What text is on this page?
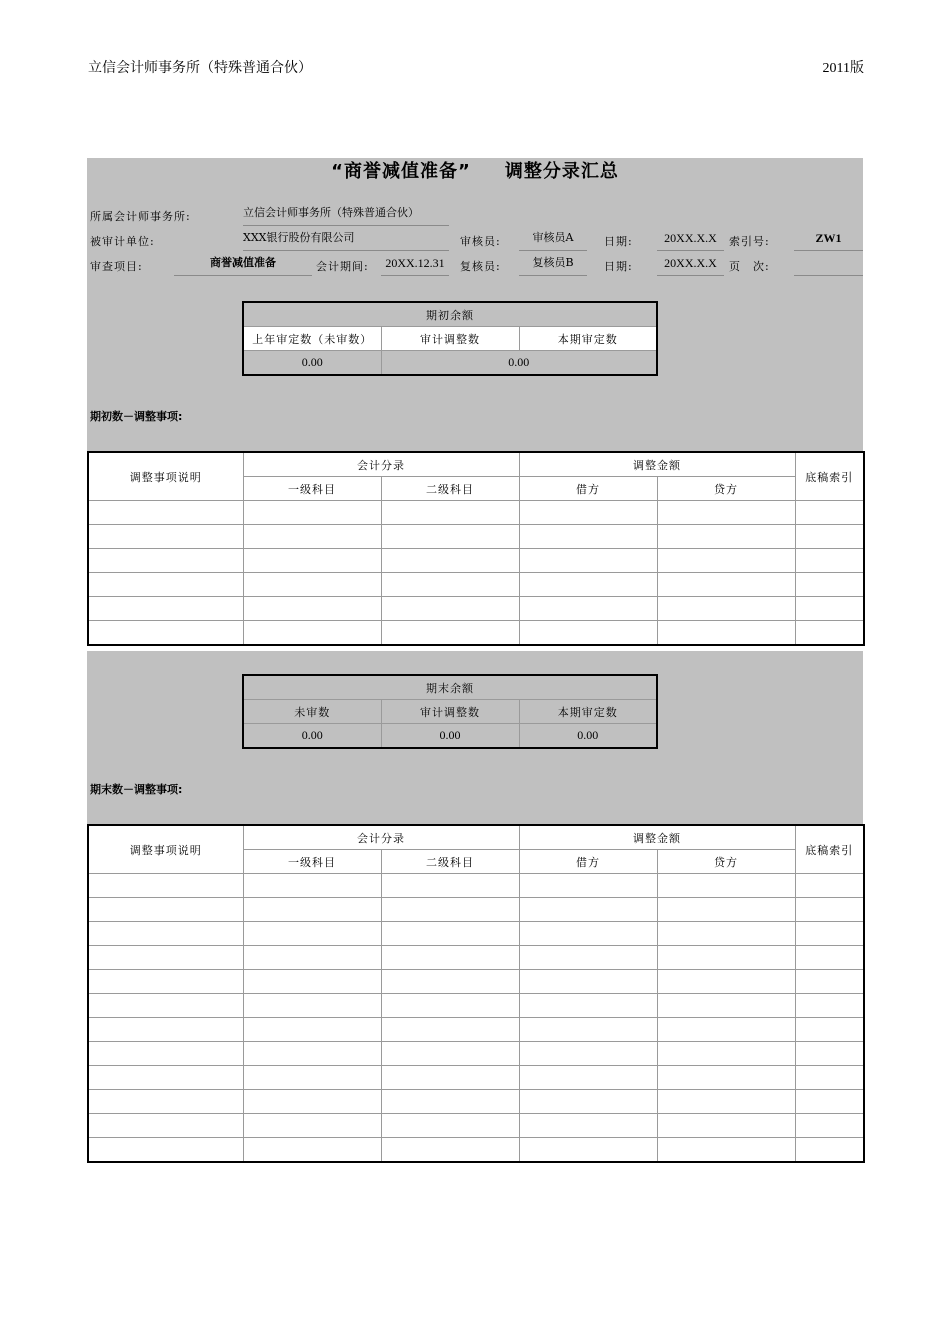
立信会计师事务所（特殊普通合伙）	2011版
“商誉减值准备” 调整分录汇总
所属会计师事务所:	立信会计师事务所（特殊普通合伙）
被审计单位:	XXX银行股份有限公司	审核员:	审核员A	日期:	20XX.X.X	索引号:	ZW1
审查项目:	商誉减值准备	会计期间:	20XX.12.31	复核员:	复核员B	日期:	20XX.X.X	页　次:
期初余额		
上年审定数（未审数）	审计调整数	本期审定数
0.00	0.00	
期初数－调整事项:
调整事项说明	会计分录		调整金额		底稿索引
	一级科目	二级科目	借方	贷方	

期末余额		
未审数	审计调整数	本期审定数
0.00	0.00	0.00
期末数－调整事项:
调整事项说明	会计分录		调整金额		底稿索引
	一级科目	二级科目	借方	贷方	
